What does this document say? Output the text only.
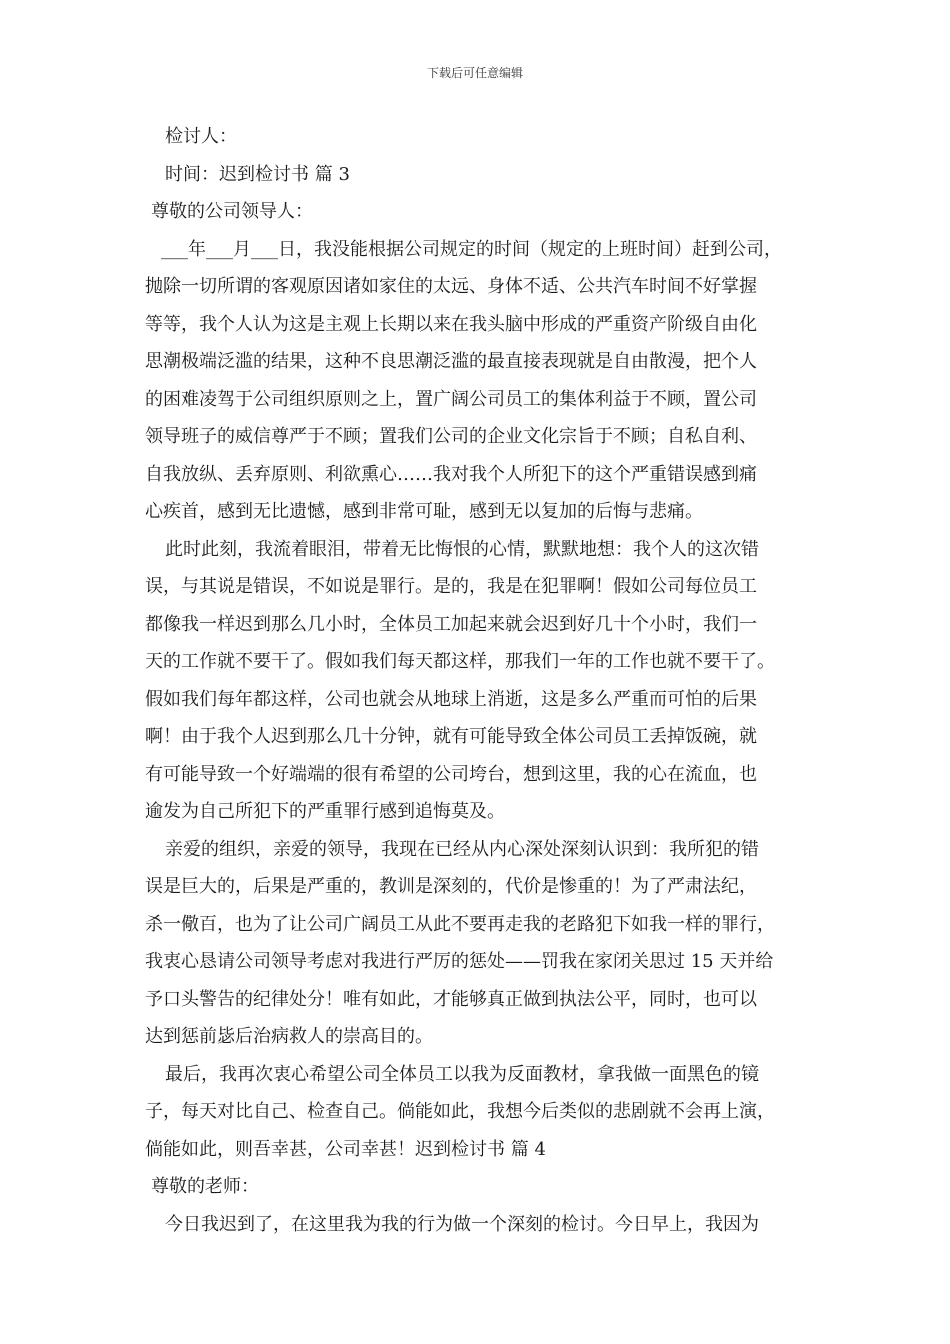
下载后可任意编辑
检讨人：
时间：迟到检讨书 篇 3
尊敬的公司领导人：
___年___月___日，我没能根据公司规定的时间（规定的上班时间）赶到公司，
抛除一切所谓的客观原因诸如家住的太远、身体不适、公共汽车时间不好掌握
等等，我个人认为这是主观上长期以来在我头脑中形成的严重资产阶级自由化
思潮极端泛滥的结果，这种不良思潮泛滥的最直接表现就是自由散漫，把个人
的困难凌驾于公司组织原则之上，置广阔公司员工的集体利益于不顾，置公司
领导班子的威信尊严于不顾；置我们公司的企业文化宗旨于不顾；自私自利、
自我放纵、丢弃原则、利欲熏心……我对我个人所犯下的这个严重错误感到痛
心疾首，感到无比遗憾，感到非常可耻，感到无以复加的后悔与悲痛。
此时此刻，我流着眼泪，带着无比悔恨的心情，默默地想：我个人的这次错
误，与其说是错误，不如说是罪行。是的，我是在犯罪啊！假如公司每位员工
都像我一样迟到那么几小时，全体员工加起来就会迟到好几十个小时，我们一
天的工作就不要干了。假如我们每天都这样，那我们一年的工作也就不要干了。
假如我们每年都这样，公司也就会从地球上消逝，这是多么严重而可怕的后果
啊！由于我个人迟到那么几十分钟，就有可能导致全体公司员工丢掉饭碗，就
有可能导致一个好端端的很有希望的公司垮台，想到这里，我的心在流血，也
逾发为自己所犯下的严重罪行感到追悔莫及。
亲爱的组织，亲爱的领导，我现在已经从内心深处深刻认识到：我所犯的错
误是巨大的，后果是严重的，教训是深刻的，代价是惨重的！为了严肃法纪，
杀一儆百，也为了让公司广阔员工从此不要再走我的老路犯下如我一样的罪行，
我衷心恳请公司领导考虑对我进行严厉的惩处——罚我在家闭关思过 15 天并给
予口头警告的纪律处分！唯有如此，才能够真正做到执法公平，同时，也可以
达到惩前毖后治病救人的崇高目的。
最后，我再次衷心希望公司全体员工以我为反面教材，拿我做一面黑色的镜
子，每天对比自己、检查自己。倘能如此，我想今后类似的悲剧就不会再上演，
倘能如此，则吾幸甚，公司幸甚！迟到检讨书 篇 4
尊敬的老师：
今日我迟到了，在这里我为我的行为做一个深刻的检讨。今日早上，我因为
